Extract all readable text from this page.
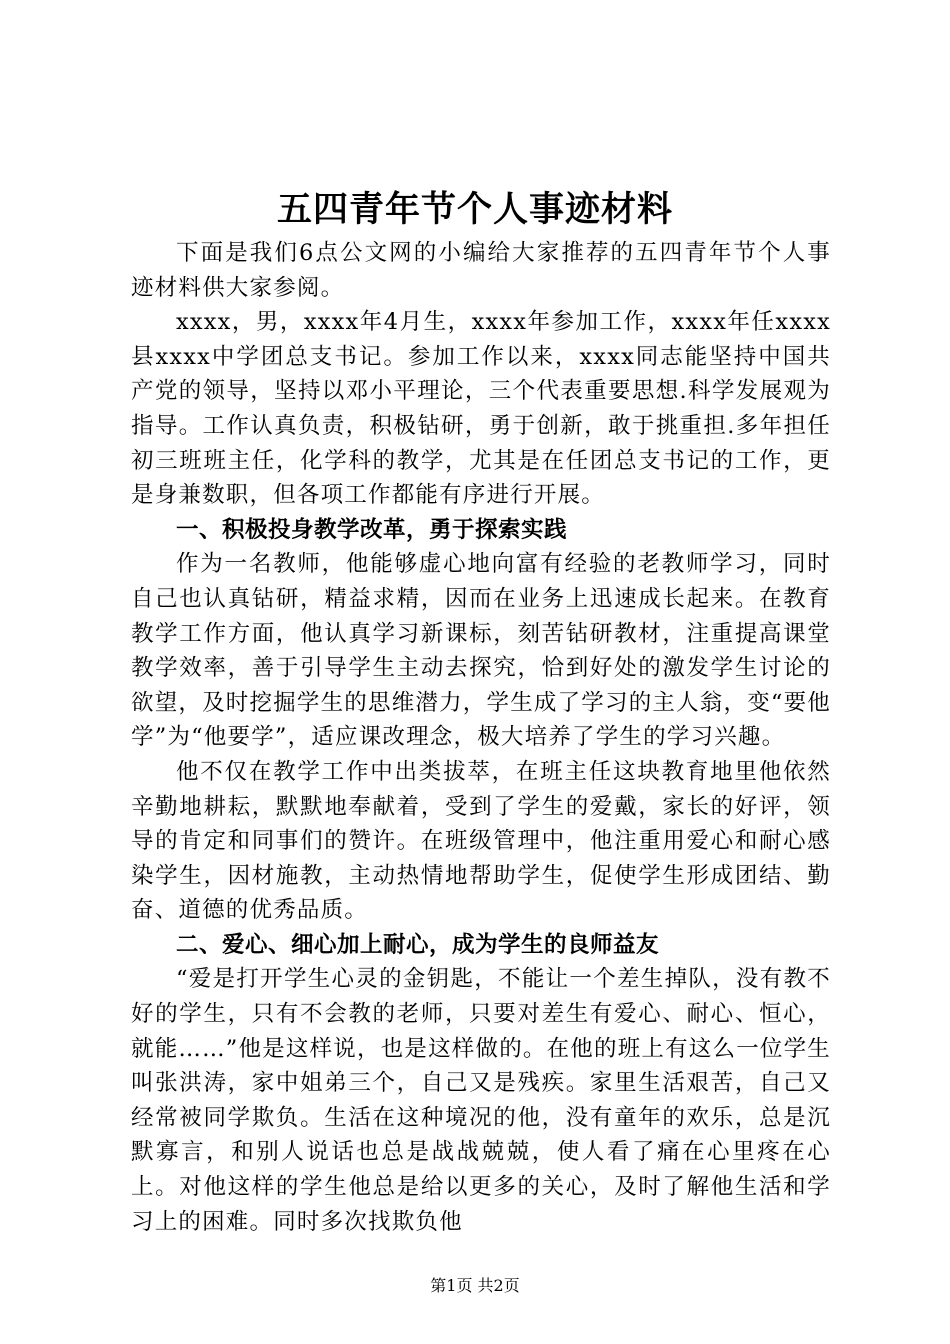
五四青年节个人事迹材料

下面是我们6点公文网的小编给大家推荐的五四青年节个人事迹材料供大家参阅。

xxxx，男，xxxx年4月生，xxxx年参加工作，xxxx年任xxxx县xxxx中学团总支书记。参加工作以来，xxxx同志能坚持中国共产党的领导，坚持以邓小平理论，三个代表重要思想.科学发展观为指导。工作认真负责，积极钻研，勇于创新，敢于挑重担.多年担任初三班班主任，化学科的教学，尤其是在任团总支书记的工作，更是身兼数职，但各项工作都能有序进行开展。

一、积极投身教学改革，勇于探索实践

作为一名教师，他能够虚心地向富有经验的老教师学习，同时自己也认真钻研，精益求精，因而在业务上迅速成长起来。在教育教学工作方面，他认真学习新课标，刻苦钻研教材，注重提高课堂教学效率，善于引导学生主动去探究，恰到好处的激发学生讨论的欲望，及时挖掘学生的思维潜力，学生成了学习的主人翁，变“要他学”为“他要学”，适应课改理念，极大培养了学生的学习兴趣。

他不仅在教学工作中出类拔萃，在班主任这块教育地里他依然辛勤地耕耘，默默地奉献着，受到了学生的爱戴，家长的好评，领导的肯定和同事们的赞许。在班级管理中，他注重用爱心和耐心感染学生，因材施教，主动热情地帮助学生，促使学生形成团结、勤奋、道德的优秀品质。

二、爱心、细心加上耐心，成为学生的良师益友

“爱是打开学生心灵的金钥匙，不能让一个差生掉队，没有教不好的学生，只有不会教的老师，只要对差生有爱心、耐心、恒心，就能……”他是这样说，也是这样做的。在他的班上有这么一位学生叫张洪涛，家中姐弟三个，自己又是残疾。家里生活艰苦，自己又经常被同学欺负。生活在这种境况的他，没有童年的欢乐，总是沉默寡言，和别人说话也总是战战兢兢，使人看了痛在心里疼在心上。对他这样的学生他总是给以更多的关心，及时了解他生活和学习上的困难。同时多次找欺负他

第1页 共2页
